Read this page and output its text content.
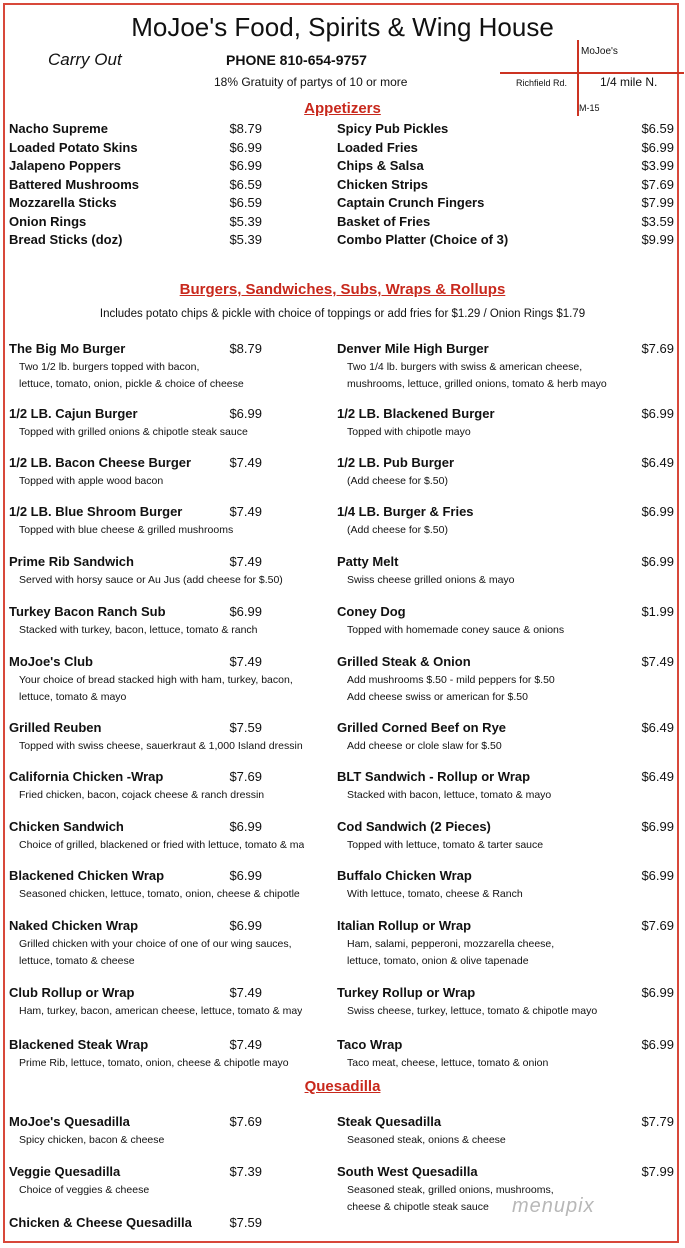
MoJoe's Food, Spirits & Wing House
Carry Out	PHONE 810-654-9757
18% Gratuity of partys of 10 or more
MoJoe's
Richfield Rd.	1/4 mile N.
M-15
Appetizers
Burgers, Sandwiches, Subs, Wraps & Rollups
Includes potato chips & pickle with choice of toppings or add fries for $1.29 / Onion Rings $1.79
Quesadilla
Nacho Supreme	$8.79
Loaded Potato Skins	$6.99
Jalapeno Poppers	$6.99
Battered Mushrooms	$6.59
Mozzarella Sticks	$6.59
Onion Rings	$5.39
Bread Sticks (doz)	$5.39
Spicy Pub Pickles	$6.59
Loaded Fries	$6.99
Chips & Salsa	$3.99
Chicken Strips	$7.69
Captain Crunch Fingers	$7.99
Basket of Fries	$3.59
Combo Platter (Choice of 3)	$9.99
The Big Mo Burger	$8.79
Two 1/2 lb. burgers topped with bacon,
lettuce, tomato, onion, pickle & choice of cheese
1/2 LB. Cajun Burger	$6.99
Topped with grilled onions & chipotle steak sauce
1/2 LB. Bacon Cheese Burger	$7.49
Topped with apple wood bacon
1/2 LB. Blue Shroom Burger	$7.49
Topped with blue cheese & grilled mushrooms
Prime Rib Sandwich	$7.49
Served with horsy sauce or Au Jus (add cheese for $.50)
Turkey Bacon Ranch Sub	$6.99
Stacked with turkey, bacon, lettuce, tomato & ranch
MoJoe's Club	$7.49
Your choice of bread stacked high with ham, turkey, bacon,
lettuce, tomato & mayo
Grilled Reuben	$7.59
Topped with swiss cheese, sauerkraut & 1,000 Island dressin
California Chicken -Wrap	$7.69
Fried chicken, bacon, cojack cheese & ranch dressin
Chicken Sandwich	$6.99
Choice of grilled, blackened or fried with lettuce, tomato & ma
Blackened Chicken Wrap	$6.99
Seasoned chicken, lettuce, tomato, onion, cheese & chipotle
Naked Chicken Wrap	$6.99
Grilled chicken with your choice of one of our wing sauces,
lettuce, tomato & cheese
Club Rollup or Wrap	$7.49
Ham, turkey, bacon, american cheese, lettuce, tomato & may
Blackened Steak Wrap	$7.49
Prime Rib, lettuce, tomato, onion, cheese & chipotle mayo
Denver Mile High Burger	$7.69
Two 1/4 lb. burgers with swiss & american cheese,
mushrooms, lettuce, grilled onions, tomato & herb mayo
1/2 LB. Blackened Burger	$6.99
Topped with chipotle mayo
1/2 LB. Pub Burger	$6.49
(Add cheese for $.50)
1/4 LB. Burger & Fries	$6.99
(Add cheese for $.50)
Patty Melt	$6.99
Swiss cheese grilled onions & mayo
Coney Dog	$1.99
Topped with homemade coney sauce & onions
Grilled Steak & Onion	$7.49
Add mushrooms $.50 - mild peppers for $.50
Add cheese swiss or american for $.50
Grilled Corned Beef on Rye	$6.49
Add cheese or clole slaw for $.50
BLT Sandwich - Rollup or Wrap	$6.49
Stacked with bacon, lettuce, tomato & mayo
Cod Sandwich (2 Pieces)	$6.99
Topped with lettuce, tomato & tarter sauce
Buffalo Chicken Wrap	$6.99
With lettuce, tomato, cheese & Ranch
Italian Rollup or Wrap	$7.69
Ham, salami, pepperoni, mozzarella cheese,
lettuce, tomato, onion & olive tapenade
Turkey Rollup or Wrap	$6.99
Swiss cheese, turkey, lettuce, tomato & chipotle mayo
Taco Wrap	$6.99
Taco meat, cheese, lettuce, tomato & onion
MoJoe's Quesadilla	$7.69
Spicy chicken, bacon & cheese
Veggie Quesadilla	$7.39
Choice of veggies & cheese
Chicken & Cheese Quesadilla	$7.59
Steak Quesadilla	$7.79
Seasoned steak, onions & cheese
South West Quesadilla	$7.99
Seasoned steak, grilled onions, mushrooms,
cheese & chipotle steak sauce menupix
